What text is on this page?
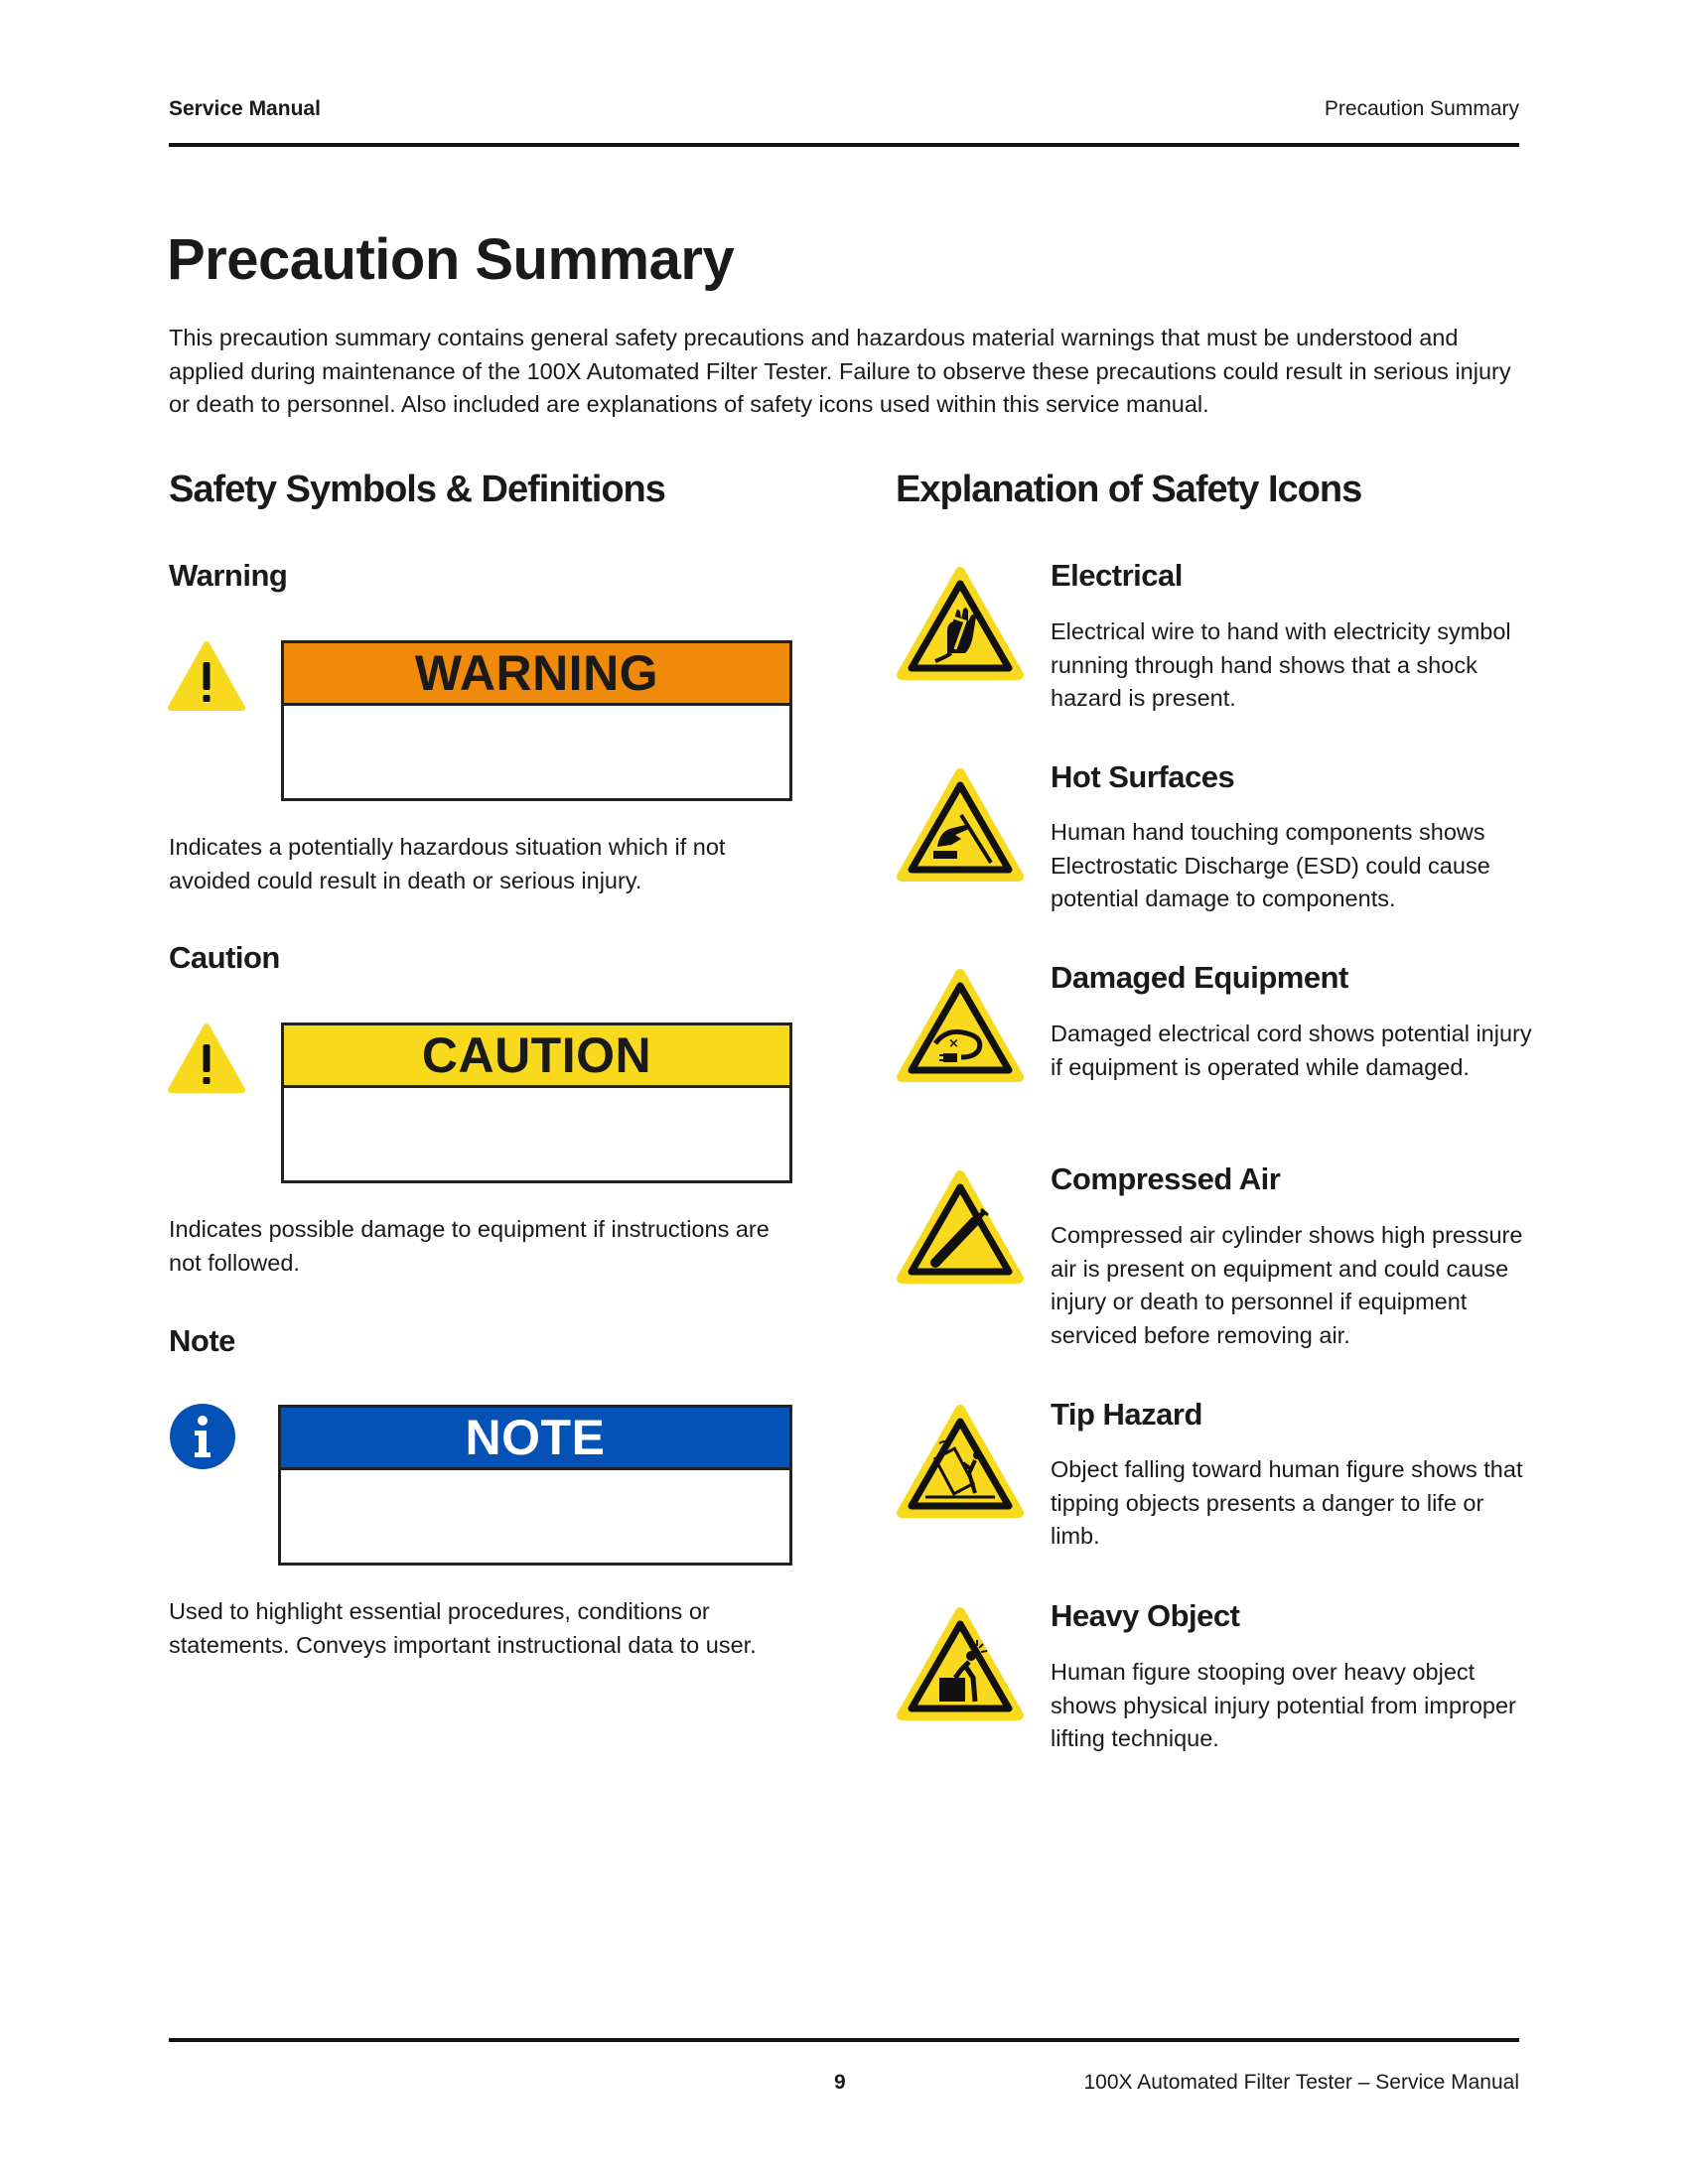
Service Manual	Precaution Summary
Precaution Summary

This precaution summary contains general safety precautions and hazardous material warnings that must be understood and applied during maintenance of the 100X Automated Filter Tester. Failure to observe these precautions could result in serious injury or death to personnel. Also included are explanations of safety icons used within this service manual.

Safety Symbols & Definitions
Warning
WARNING

Indicates a potentially hazardous situation which if not avoided could result in death or serious injury.

Caution
CAUTION

Indicates possible damage to equipment if instructions are not followed.

Note
NOTE

Used to highlight essential procedures, conditions or statements. Conveys important instructional data to user.

Explanation of Safety Icons
Electrical

Electrical wire to hand with electricity symbol running through hand shows that a shock hazard is present.

Hot Surfaces

Human hand touching components shows Electrostatic Discharge (ESD) could cause potential damage to components.

×
Damaged Equipment

Damaged electrical cord shows potential injury if equipment is operated while damaged.

Compressed Air

Compressed air cylinder shows high pressure air is present on equipment and could cause injury or death to personnel if equipment serviced before removing air.

Tip Hazard

Object falling toward human figure shows that tipping objects presents a danger to life or limb.

Heavy Object

Human figure stooping over heavy object shows physical injury potential from improper lifting technique.

9	100X Automated Filter Tester – Service Manual
